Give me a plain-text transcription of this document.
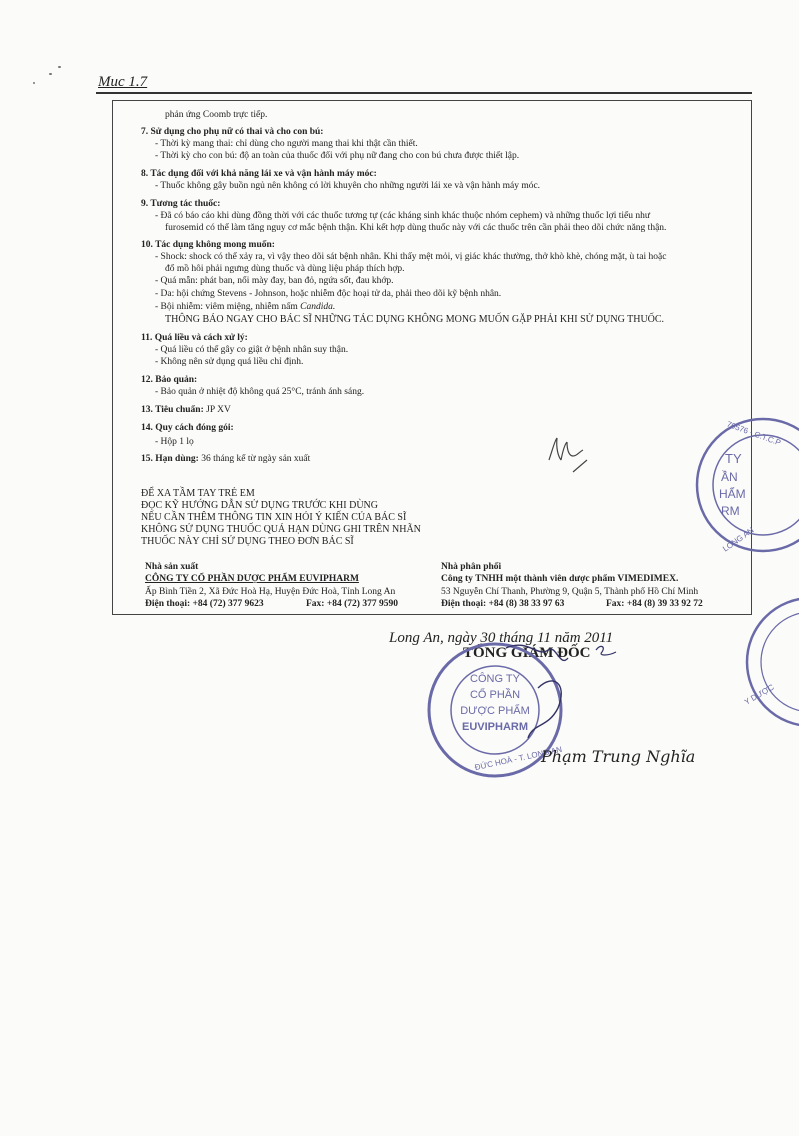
Muc 1.7
phản ứng Coomb trực tiếp.
7. Sử dụng cho phụ nữ có thai và cho con bú:
- Thời kỳ mang thai: chỉ dùng cho người mang thai khi thật cần thiết.
- Thời kỳ cho con bú: độ an toàn của thuốc đối với phụ nữ đang cho con bú chưa được thiết lập.
8. Tác dụng đối với khả năng lái xe và vận hành máy móc:
- Thuốc không gây buồn ngủ nên không có lời khuyên cho những người lái xe và vận hành máy móc.
9. Tương tác thuốc:
- Đã có báo cáo khi dùng đồng thời với các thuốc tương tự (các kháng sinh khác thuộc nhóm cephem) và những thuốc lợi tiểu như
furosemid có thể làm tăng nguy cơ mắc bệnh thận. Khi kết hợp dùng thuốc này với các thuốc trên cần phải theo dõi chức năng thận.
10. Tác dụng không mong muốn:
- Shock: shock có thể xảy ra, vì vậy theo dõi sát bệnh nhân. Khi thấy mệt mỏi, vị giác khác thường, thở khò khè, chóng mặt, ù tai hoặc
đổ mồ hôi phải ngưng dùng thuốc và dùng liệu pháp thích hợp.
- Quá mẫn: phát ban, nổi mày đay, ban đỏ, ngứa sốt, đau khớp.
- Da: hội chứng Stevens - Johnson, hoặc nhiễm độc hoại tử da, phải theo dõi kỹ bệnh nhân.
- Bội nhiễm: viêm miệng, nhiễm nấm Candida.
THÔNG BÁO NGAY CHO BÁC SĨ NHỮNG TÁC DỤNG KHÔNG MONG MUỐN GẶP PHẢI KHI SỬ DỤNG THUỐC.
11. Quá liều và cách xử lý:
- Quá liều có thể gây co giật ở bệnh nhân suy thận.
- Không nên sử dụng quá liều chỉ định.
12. Bảo quản:
- Bảo quản ở nhiệt độ không quá 25°C, tránh ánh sáng.
13. Tiêu chuẩn: JP XV
14. Quy cách đóng gói:
- Hộp 1 lọ
15. Hạn dùng: 36 tháng kể từ ngày sản xuất
ĐỂ XA TẦM TAY TRẺ EM
ĐỌC KỸ HƯỚNG DẪN SỬ DỤNG TRƯỚC KHI DÙNG
NẾU CẦN THÊM THÔNG TIN XIN HỎI Ý KIẾN CỦA BÁC SĨ
KHÔNG SỬ DỤNG THUỐC QUÁ HẠN DÙNG GHI TRÊN NHÃN
THUỐC NÀY CHỈ SỬ DỤNG THEO ĐƠN BÁC SĨ
Nhà sản xuất
CÔNG TY CỔ PHẦN DƯỢC PHẨM EUVIPHARM
Ấp Bình Tiền 2, Xã Đức Hoà Hạ, Huyện Đức Hoà, Tỉnh Long An
Điện thoại: +84 (72) 377 9623	Fax: +84 (72) 377 9590
Nhà phân phối
Công ty TNHH một thành viên dược phẩm VIMEDIMEX.
53 Nguyễn Chí Thanh, Phường 9, Quận 5, Thành phố Hồ Chí Minh
Điện thoại: +84 (8) 38 33 97 63	Fax: +84 (8) 39 33 92 72
TY
ẦN
HẨM
RM
70576 - C.T.C.P
LONG AN
Y DƯỢC
Long An, ngày 30 tháng 11 năm 2011
TỔNG GIÁM ĐỐC
CÔNG TY
CỔ PHẦN
DƯỢC PHẨM
EUVIPHARM
ĐỨC HOÀ - T. LONG AN
Phạm Trung Nghĩa
